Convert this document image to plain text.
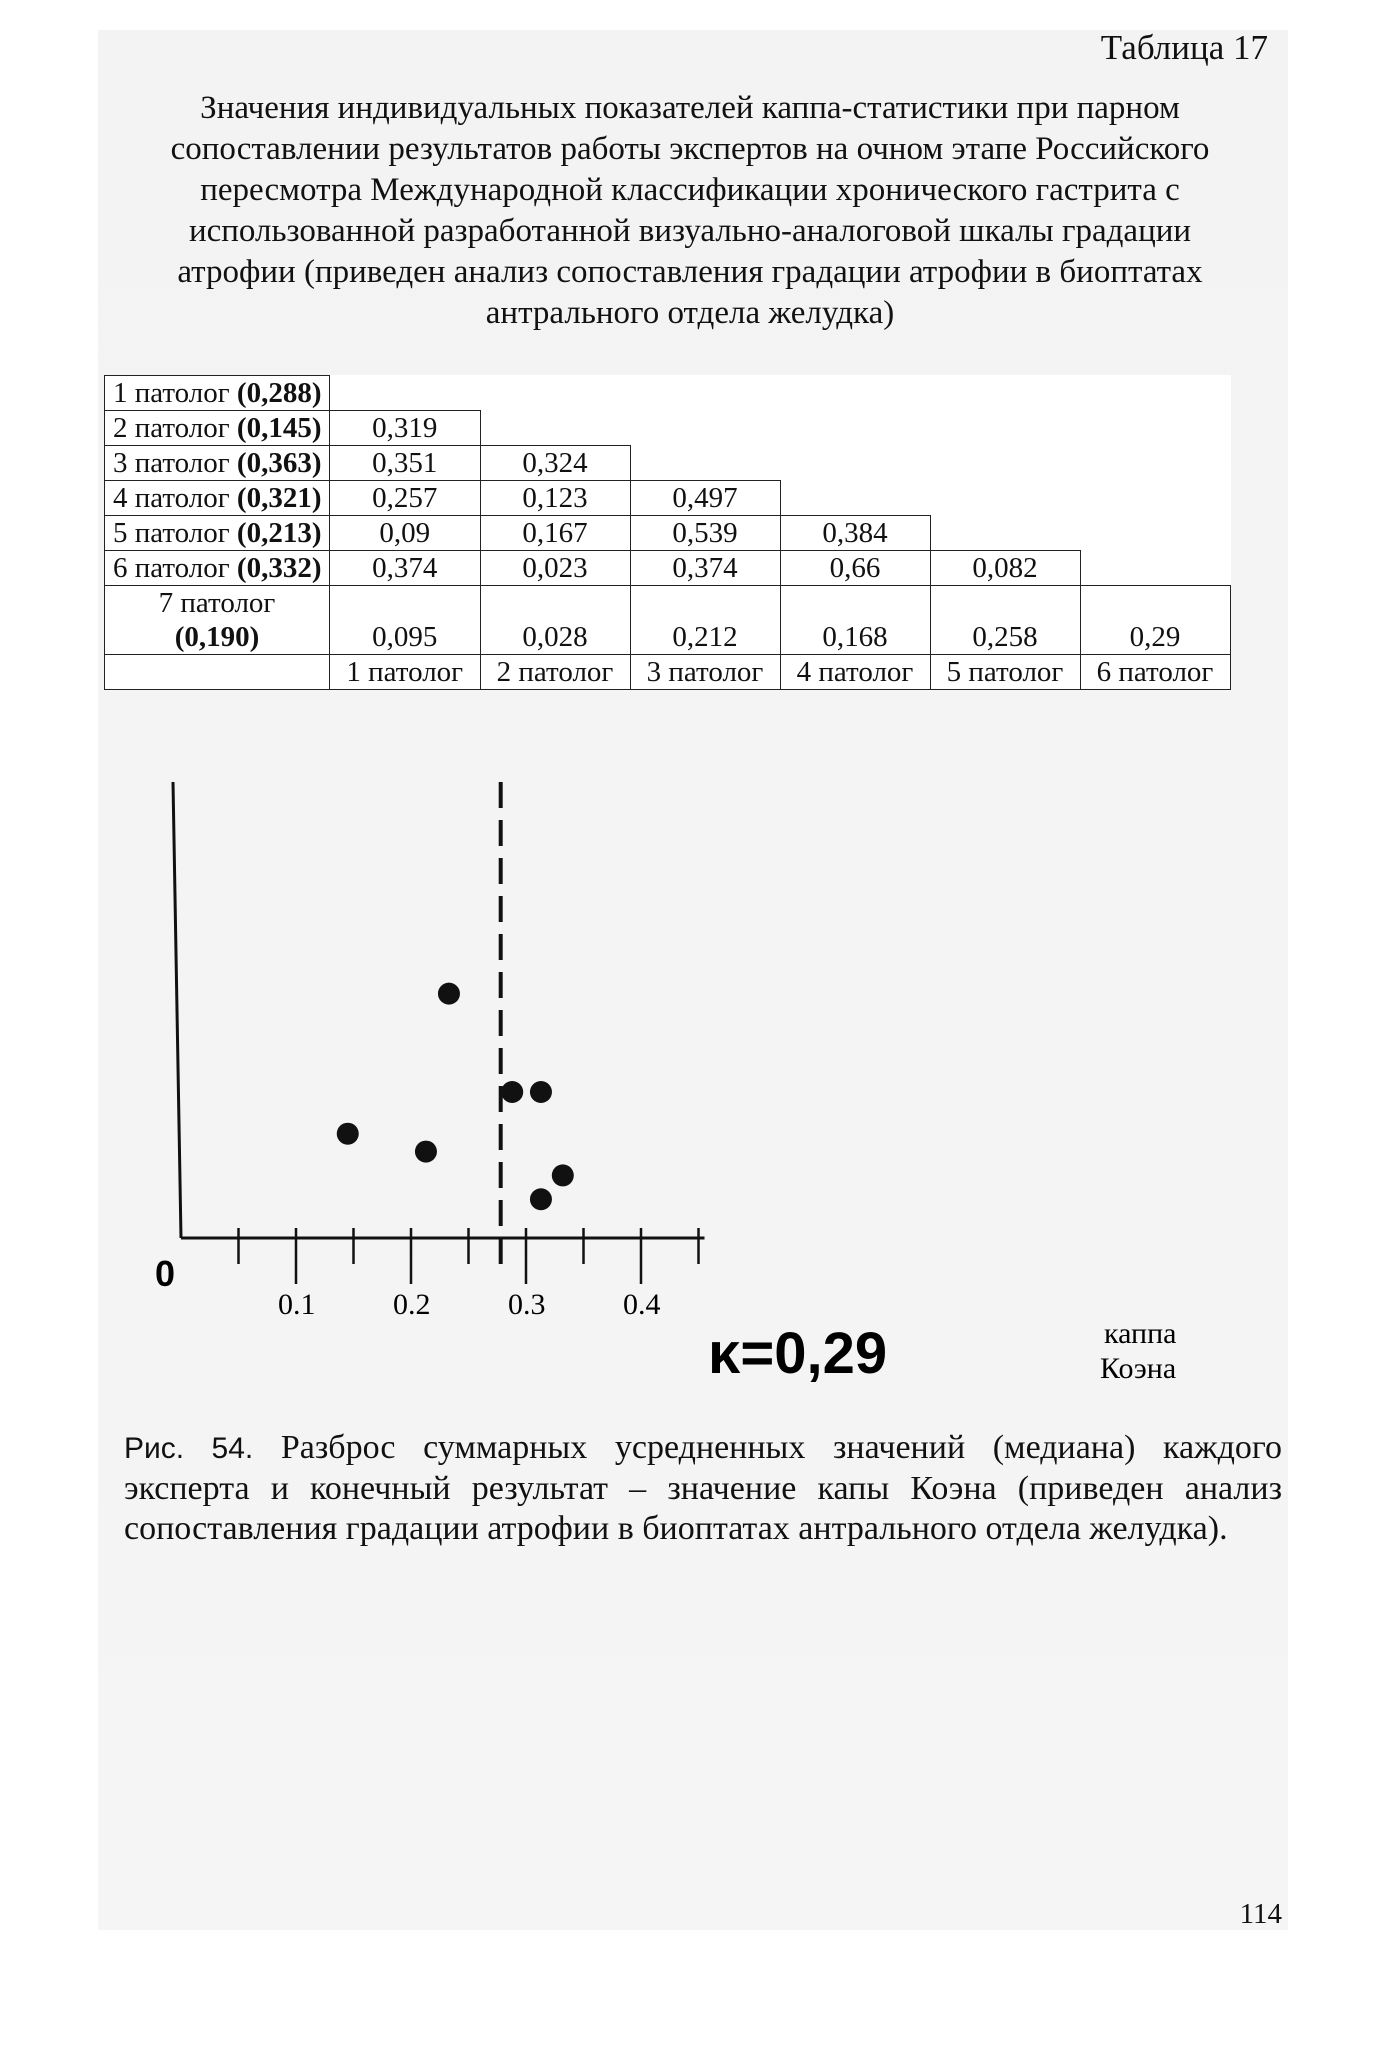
Таблица 17
Значения индивидуальных показателей каппа-статистики при парном
сопоставлении результатов работы экспертов на очном этапе Российского
пересмотра Международной классификации хронического гастрита с
использованной разработанной визуально-аналоговой шкалы градации
атрофии (приведен анализ сопоставления градации атрофии в биоптатах
антрального отдела желудка)
1 патолог (0,288)						
2 патолог (0,145)	0,319					
3 патолог (0,363)	0,351	0,324				
4 патолог (0,321)	0,257	0,123	0,497			
5 патолог (0,213)	0,09	0,167	0,539	0,384		
6 патолог (0,332)	0,374	0,023	0,374	0,66	0,082	

7 патолог
(0,190)	0,095	0,028	0,212	0,168	0,258	0,29
	1 патолог	2 патолог	3 патолог	4 патолог	5 патолог	6 патолог
0
0.1	0.2	0.3	0.4
κ=0,29	каппа
Коэна

Рис. 54. Разброс суммарных усредненных значений (медиана) каждого эксперта и конечный результат – значение капы Коэна (приведен анализ сопоставления градации атрофии в биоптатах антрального отдела желудка).

114
